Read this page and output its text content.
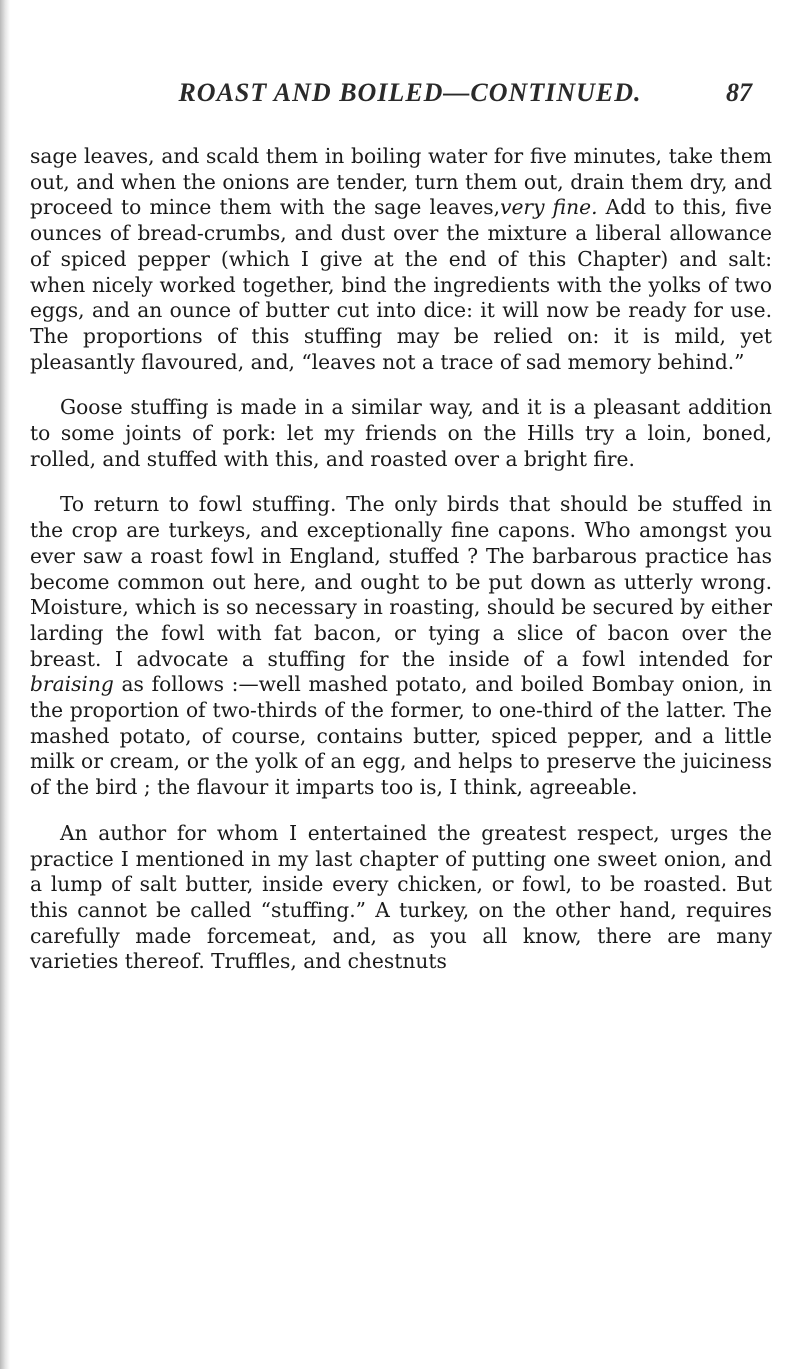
ROAST AND BOILED—CONTINUED.	87

sage leaves, and scald them in boiling water for five minutes, take them out, and when the onions are tender, turn them out, drain them dry, and proceed to mince them with the sage leaves,very fine. Add to this, five ounces of bread-crumbs, and dust over the mixture a liberal allowance of spiced pepper (which I give at the end of this Chapter) and salt: when nicely worked together, bind the ingredients with the yolks of two eggs, and an ounce of butter cut into dice: it will now be ready for use. The proportions of this stuffing may be relied on: it is mild, yet pleasantly flavoured, and, “leaves not a trace of sad memory behind.”

Goose stuffing is made in a similar way, and it is a pleasant addition to some joints of pork: let my friends on the Hills try a loin, boned, rolled, and stuffed with this, and roasted over a bright fire.

To return to fowl stuffing. The only birds that should be stuffed in the crop are turkeys, and exceptionally fine capons. Who amongst you ever saw a roast fowl in England, stuffed ? The barbarous practice has become common out here, and ought to be put down as utterly wrong. Moisture, which is so necessary in roasting, should be secured by either larding the fowl with fat bacon, or tying a slice of bacon over the breast. I advocate a stuffing for the inside of a fowl intended for braising as follows :—well mashed potato, and boiled Bombay onion, in the proportion of two-thirds of the former, to one-third of the latter. The mashed potato, of course, contains butter, spiced pepper, and a little milk or cream, or the yolk of an egg, and helps to preserve the juiciness of the bird ; the flavour it imparts too is, I think, agreeable.

An author for whom I entertained the greatest respect, urges the practice I mentioned in my last chapter of putting one sweet onion, and a lump of salt butter, inside every chicken, or fowl, to be roasted. But this cannot be called “stuffing.” A turkey, on the other hand, requires carefully made forcemeat, and, as you all know, there are many varieties thereof. Truffles, and chestnuts
